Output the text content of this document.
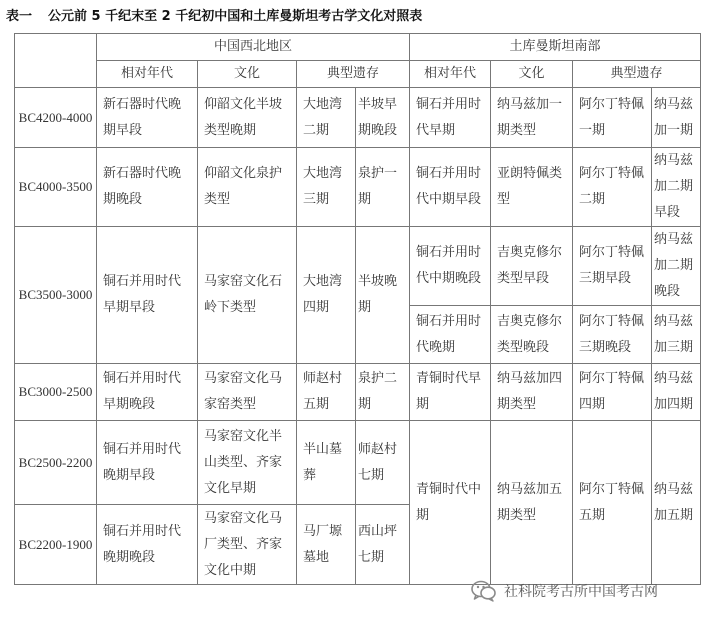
表一 公元前 5 千纪末至 2 千纪初中国和土库曼斯坦考古学文化对照表
	中国西北地区				土库曼斯坦南部			
	相对年代	文化	典型遗存		相对年代	文化	典型遗存	
BC4200-4000	新石器时代晚期早段	仰韶文化半坡类型晚期	大地湾二期	半坡早期晚段	铜石并用时代早期	纳马兹加一期类型	阿尔丁特佩一期	纳马兹加一期
BC4000-3500	新石器时代晚期晚段	仰韶文化泉护类型	大地湾三期	泉护一期	铜石并用时代中期早段	亚朗特佩类型	阿尔丁特佩二期	纳马兹加二期早段
BC3500-3000	铜石并用时代早期早段	马家窑文化石岭下类型	大地湾四期	半坡晚期	铜石并用时代中期晚段	吉奥克修尔类型早段	阿尔丁特佩三期早段	纳马兹加二期晚段
					铜石并用时代晚期	吉奥克修尔类型晚段	阿尔丁特佩三期晚段	纳马兹加三期
BC3000-2500	铜石并用时代早期晚段	马家窑文化马家窑类型	师赵村五期	泉护二期	青铜时代早期	纳马兹加四期类型	阿尔丁特佩四期	纳马兹加四期
BC2500-2200	铜石并用时代晚期早段	马家窑文化半山类型、齐家文化早期	半山墓葬	师赵村七期	青铜时代中期	纳马兹加五期类型	阿尔丁特佩五期	纳马兹加五期
BC2200-1900	铜石并用时代晚期晚段	马家窑文化马厂类型、齐家文化中期	马厂塬墓地	西山坪七期				
社科院考古所中国考古网
